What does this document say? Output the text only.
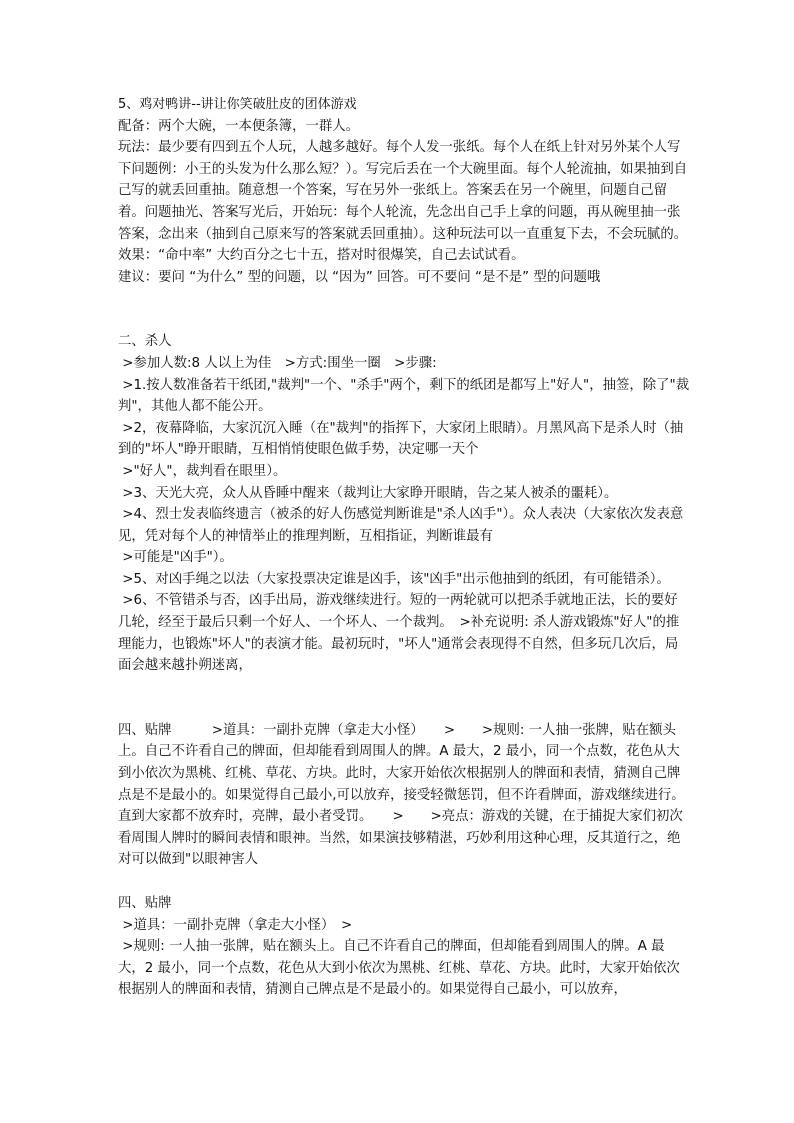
5、鸡对鸭讲--讲让你笑破肚皮的团体游戏

配备：两个大碗，一本便条簿，一群人。

玩法：最少要有四到五个人玩，人越多越好。每个人发一张纸。每个人在纸上针对另外某个人写下问题例：小王的头发为什么那么短？）。写完后丢在一个大碗里面。每个人轮流抽，如果抽到自己写的就丢回重抽。随意想一个答案，写在另外一张纸上。答案丢在另一个碗里，问题自己留着。问题抽光、答案写光后，开始玩：每个人轮流，先念出自己手上拿的问题，再从碗里抽一张答案，念出来（抽到自己原来写的答案就丢回重抽）。这种玩法可以一直重复下去，不会玩腻的。

效果：“命中率” 大约百分之七十五，搭对时很爆笑，自己去试试看。

建议：要问 “为什么” 型的问题，以 “因为” 回答。可不要问 “是不是” 型的问题哦

二、杀人

>参加人数:8 人以上为佳　>方式:围坐一圈　>步骤:

>1.按人数准备若干纸团,"裁判"一个、"杀手"两个，剩下的纸团是都写上"好人"，抽签，除了"裁判"，其他人都不能公开。

>2，夜幕降临，大家沉沉入睡（在"裁判"的指挥下，大家闭上眼睛）。月黑风高下是杀人时（抽到的"坏人"睁开眼睛，互相悄悄使眼色做手势，决定哪一天个

>"好人"，裁判看在眼里）。

>3、天光大亮，众人从昏睡中醒来（裁判让大家睁开眼睛，告之某人被杀的噩耗）。

>4、烈士发表临终遗言（被杀的好人伤感觉判断谁是"杀人凶手"）。众人表决（大家依次发表意见，凭对每个人的神情举止的推理判断，互相指证，判断谁最有

>可能是"凶手"）。

>5、对凶手绳之以法（大家投票决定谁是凶手，该"凶手"出示他抽到的纸团，有可能错杀）。

>6、不管错杀与否，凶手出局，游戏继续进行。短的一两轮就可以把杀手就地正法，长的要好几轮，经至于最后只剩一个好人、一个坏人、一个裁判。　>补充说明: 杀人游戏锻炼"好人"的推理能力，也锻炼"坏人"的表演才能。最初玩时，"坏人"通常会表现得不自然，但多玩几次后，局面会越来越扑朔迷离，

四、贴牌　　　>道具：一副扑克牌（拿走大小怪）　　>　　>规则: 一人抽一张牌，贴在额头上。自己不许看自己的牌面，但却能看到周围人的牌。A 最大，2 最小，同一个点数，花色从大到小依次为黑桃、红桃、草花、方块。此时，大家开始依次根据别人的牌面和表情，猜测自己牌点是不是最小的。如果觉得自己最小,可以放弃，接受轻微惩罚，但不许看牌面，游戏继续进行。直到大家都不放弃时，亮牌，最小者受罚。　　>　　>亮点：游戏的关键，在于捕捉大家们初次看周围人牌时的瞬间表情和眼神。当然，如果演技够精湛，巧妙利用这种心理，反其道行之，绝对可以做到"以眼神害人

四、贴牌

>道具：一副扑克牌（拿走大小怪）　>

>规则: 一人抽一张牌，贴在额头上。自己不许看自己的牌面，但却能看到周围人的牌。A 最大，2 最小，同一个点数，花色从大到小依次为黑桃、红桃、草花、方块。此时，大家开始依次根据别人的牌面和表情，猜测自己牌点是不是最小的。如果觉得自己最小，可以放弃，
